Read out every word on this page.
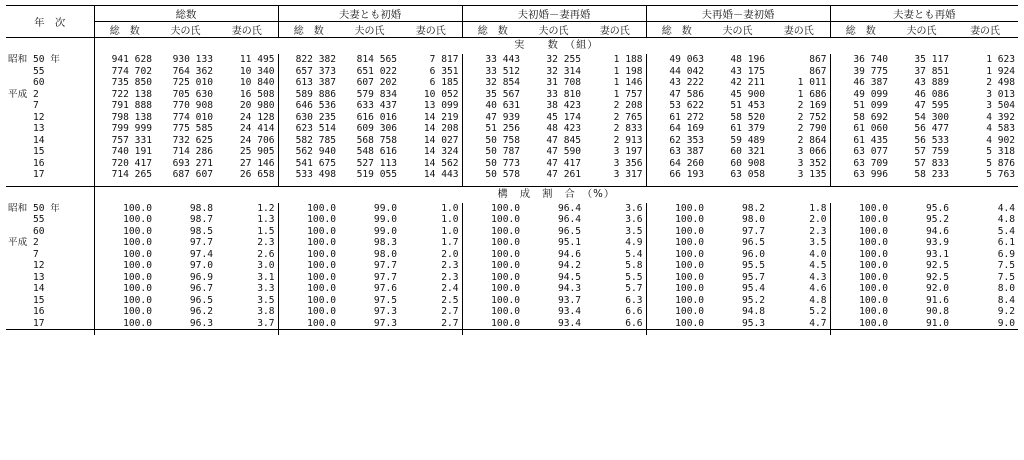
年　次	総数			夫妻とも初婚			夫初婚－妻再婚			夫再婚－妻初婚			夫妻とも再婚		
	総　数	夫の氏	妻の氏	総　数	夫の氏	妻の氏	総　数	夫の氏	妻の氏	総　数	夫の氏	妻の氏	総　数	夫の氏	妻の氏
	実　　数　（組）														
昭和 50 年	941 628	930 133	11 495	822 382	814 565	7 817	33 443	32 255	1 188	49 063	48 196	867	36 740	35 117	1 623
　　 55	774 702	764 362	10 340	657 373	651 022	6 351	33 512	32 314	1 198	44 042	43 175	867	39 775	37 851	1 924
　　 60	735 850	725 010	10 840	613 387	607 202	6 185	32 854	31 708	1 146	43 222	42 211	1 011	46 387	43 889	2 498
平成 2	722 138	705 630	16 508	589 886	579 834	10 052	35 567	33 810	1 757	47 586	45 900	1 686	49 099	46 086	3 013
　　 7	791 888	770 908	20 980	646 536	633 437	13 099	40 631	38 423	2 208	53 622	51 453	2 169	51 099	47 595	3 504
　　 12	798 138	774 010	24 128	630 235	616 016	14 219	47 939	45 174	2 765	61 272	58 520	2 752	58 692	54 300	4 392
　　 13	799 999	775 585	24 414	623 514	609 306	14 208	51 256	48 423	2 833	64 169	61 379	2 790	61 060	56 477	4 583
　　 14	757 331	732 625	24 706	582 785	568 758	14 027	50 758	47 845	2 913	62 353	59 489	2 864	61 435	56 533	4 902
　　 15	740 191	714 286	25 905	562 940	548 616	14 324	50 787	47 590	3 197	63 387	60 321	3 066	63 077	57 759	5 318
　　 16	720 417	693 271	27 146	541 675	527 113	14 562	50 773	47 417	3 356	64 260	60 908	3 352	63 709	57 833	5 876
　　 17	714 265	687 607	26 658	533 498	519 055	14 443	50 578	47 261	3 317	66 193	63 058	3 135	63 996	58 233	5 763

	構　成　割　合　（%）														
昭和 50 年	100.0	98.8	1.2	100.0	99.0	1.0	100.0	96.4	3.6	100.0	98.2	1.8	100.0	95.6	4.4
　　 55	100.0	98.7	1.3	100.0	99.0	1.0	100.0	96.4	3.6	100.0	98.0	2.0	100.0	95.2	4.8
　　 60	100.0	98.5	1.5	100.0	99.0	1.0	100.0	96.5	3.5	100.0	97.7	2.3	100.0	94.6	5.4
平成 2	100.0	97.7	2.3	100.0	98.3	1.7	100.0	95.1	4.9	100.0	96.5	3.5	100.0	93.9	6.1
　　 7	100.0	97.4	2.6	100.0	98.0	2.0	100.0	94.6	5.4	100.0	96.0	4.0	100.0	93.1	6.9
　　 12	100.0	97.0	3.0	100.0	97.7	2.3	100.0	94.2	5.8	100.0	95.5	4.5	100.0	92.5	7.5
　　 13	100.0	96.9	3.1	100.0	97.7	2.3	100.0	94.5	5.5	100.0	95.7	4.3	100.0	92.5	7.5
　　 14	100.0	96.7	3.3	100.0	97.6	2.4	100.0	94.3	5.7	100.0	95.4	4.6	100.0	92.0	8.0
　　 15	100.0	96.5	3.5	100.0	97.5	2.5	100.0	93.7	6.3	100.0	95.2	4.8	100.0	91.6	8.4
　　 16	100.0	96.2	3.8	100.0	97.3	2.7	100.0	93.4	6.6	100.0	94.8	5.2	100.0	90.8	9.2
　　 17	100.0	96.3	3.7	100.0	97.3	2.7	100.0	93.4	6.6	100.0	95.3	4.7	100.0	91.0	9.0
